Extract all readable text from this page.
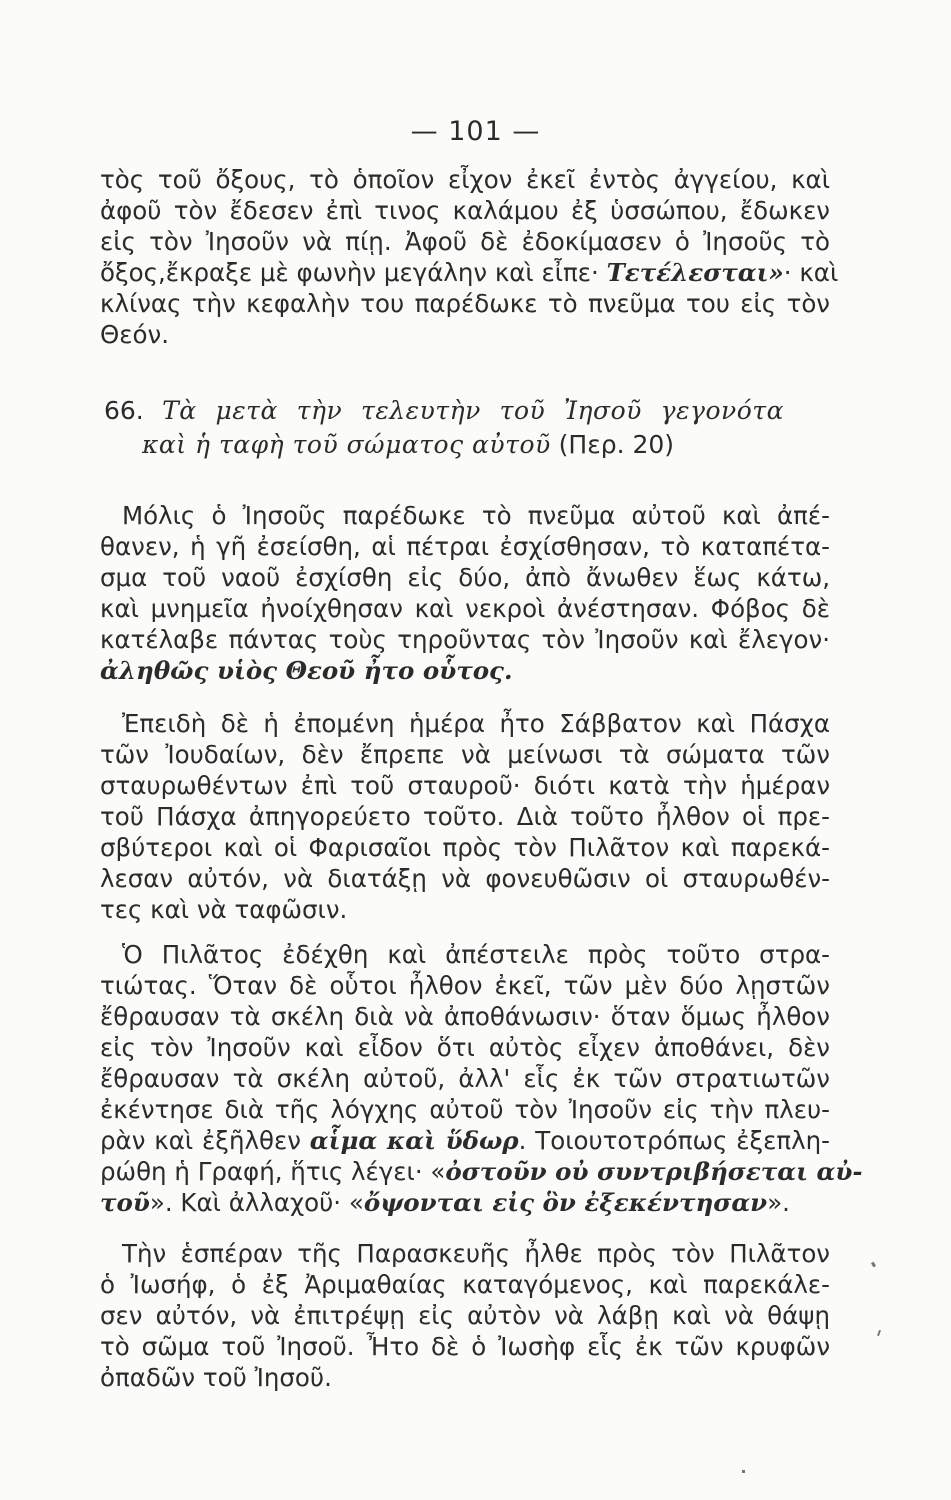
— 101 —
τὸς τοῦ ὄξους, τὸ ὁποῖον εἶχον ἐκεῖ ἐντὸς ἀγγείου, καὶ
ἀφοῦ τὸν ἔδεσεν ἐπὶ τινος καλάμου ἐξ ὑσσώπου, ἔδωκεν
εἰς τὸν Ἰησοῦν νὰ πίῃ. Ἀφοῦ δὲ ἐδοκίμασεν ὁ Ἰησοῦς τὸ
ὄξος,ἔκραξε μὲ φωνὴν μεγάλην καὶ εἶπε· Τετέλεσται»· καὶ
κλίνας τὴν κεφαλὴν του παρέδωκε τὸ πνεῦμα του εἰς τὸν
Θεόν.
66. Τὰ μετὰ τὴν τελευτὴν τοῦ Ἰησοῦ γεγονότα
καὶ ἡ ταφὴ τοῦ σώματος αὐτοῦ (Περ. 20)
Μόλις ὁ Ἰησοῦς παρέδωκε τὸ πνεῦμα αὐτοῦ καὶ ἀπέ-
θανεν, ἡ γῆ ἐσείσθη, αἱ πέτραι ἐσχίσθησαν, τὸ καταπέτα-
σμα τοῦ ναοῦ ἐσχίσθη εἰς δύο, ἀπὸ ἄνωθεν ἕως κάτω,
καὶ μνημεῖα ἠνοίχθησαν καὶ νεκροὶ ἀνέστησαν. Φόβος δὲ
κατέλαβε πάντας τοὺς τηροῦντας τὸν Ἰησοῦν καὶ ἔλεγον·
ἀληθῶς υἱὸς Θεοῦ ἦτο οὗτος.
Ἐπειδὴ δὲ ἡ ἐπομένη ἡμέρα ἦτο Σάββατον καὶ Πάσχα
τῶν Ἰουδαίων, δὲν ἔπρεπε νὰ μείνωσι τὰ σώματα τῶν
σταυρωθέντων ἐπὶ τοῦ σταυροῦ· διότι κατὰ τὴν ἡμέραν
τοῦ Πάσχα ἀπηγορεύετο τοῦτο. Διὰ τοῦτο ἦλθον οἱ πρε-
σβύτεροι καὶ οἱ Φαρισαῖοι πρὸς τὸν Πιλᾶτον καὶ παρεκά-
λεσαν αὐτόν, νὰ διατάξῃ νὰ φονευθῶσιν οἱ σταυρωθέν-
τες καὶ νὰ ταφῶσιν.
Ὁ Πιλᾶτος ἐδέχθη καὶ ἀπέστειλε πρὸς τοῦτο στρα-
τιώτας. Ὅταν δὲ οὗτοι ἦλθον ἐκεῖ, τῶν μὲν δύο λῃστῶν
ἔθραυσαν τὰ σκέλη διὰ νὰ ἀποθάνωσιν· ὅταν ὅμως ἦλθον
εἰς τὸν Ἰησοῦν καὶ εἶδον ὅτι αὐτὸς εἶχεν ἀποθάνει, δὲν
ἔθραυσαν τὰ σκέλη αὐτοῦ, ἀλλ' εἷς ἐκ τῶν στρατιωτῶν
ἐκέντησε διὰ τῆς λόγχης αὐτοῦ τὸν Ἰησοῦν εἰς τὴν πλευ-
ρὰν καὶ ἐξῆλθεν αἷμα καὶ ὕδωρ. Τοιουτοτρόπως ἐξεπλη-
ρώθη ἡ Γραφή, ἥτις λέγει· «ὀστοῦν οὐ συντριβήσεται αὐ-
τοῦ». Καὶ ἀλλαχοῦ· «ὄψονται εἰς ὃν ἐξεκέντησαν».
Τὴν ἑσπέραν τῆς Παρασκευῆς ἦλθε πρὸς τὸν Πιλᾶτον
ὁ Ἰωσήφ, ὁ ἐξ Ἀριμαθαίας καταγόμενος, καὶ παρεκάλε-
σεν αὐτόν, νὰ ἐπιτρέψῃ εἰς αὐτὸν νὰ λάβῃ καὶ νὰ θάψῃ
τὸ σῶμα τοῦ Ἰησοῦ. Ἦτο δὲ ὁ Ἰωσὴφ εἷς ἐκ τῶν κρυφῶν
ὀπαδῶν τοῦ Ἰησοῦ.
